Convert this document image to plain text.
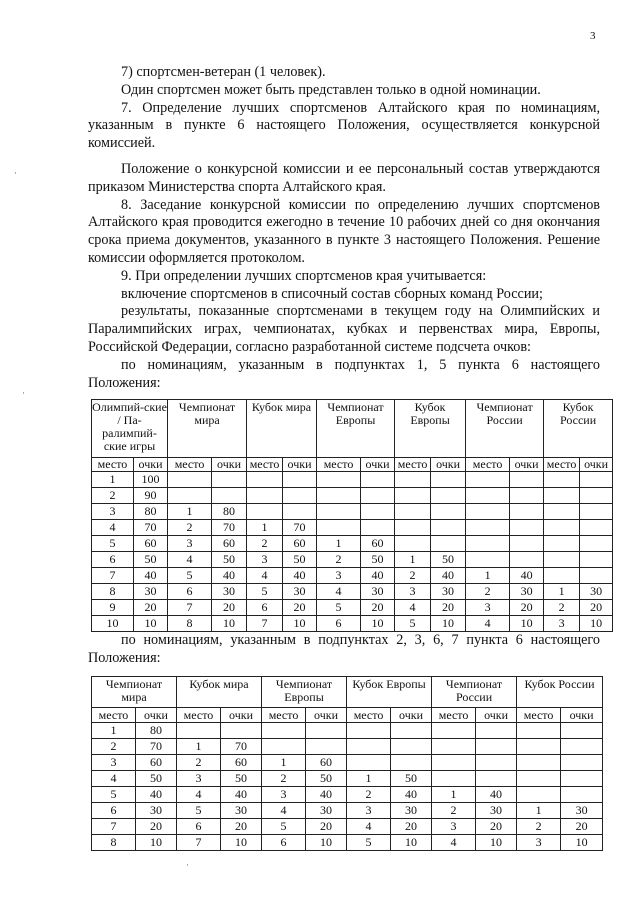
3
·
·
·

7) спортсмен-ветеран (1 человек).

Один спортсмен может быть представлен только в одной номинации.

7. Определение лучших спортсменов Алтайского края по номинациям, указанным в пункте 6 настоящего Положения, осуществляется конкурсной комиссией.

Положение о конкурсной комиссии и ее персональный состав утверждаются приказом Министерства спорта Алтайского края.

8. Заседание конкурсной комиссии по определению лучших спортсменов Алтайского края проводится ежегодно в течение 10 рабочих дней со дня окончания срока приема документов, указанного в пункте 3 настоящего Положения. Решение комиссии оформляется протоколом.

9. При определении лучших спортсменов края учитывается:

включение спортсменов в списочный состав сборных команд России;

результаты, показанные спортсменами в текущем году на Олимпийских и Паралимпийских играх, чемпионатах, кубках и первенствах мира, Европы, Российской Федерации, согласно разработанной системе подсчета очков:

по номинациям, указанным в подпунктах 1, 5 пункта 6 настоящего Положения:

Олимпий-ские / Па-ралимпий-ские игры		Чемпионат мира		Кубок мира		Чемпионат Европы		Кубок Европы		Чемпионат России		Кубок России	
место	очки	место	очки	место	очки	место	очки	место	очки	место	очки	место	очки
1	100												
2	90												
3	80	1	80										
4	70	2	70	1	70								
5	60	3	60	2	60	1	60						
6	50	4	50	3	50	2	50	1	50				
7	40	5	40	4	40	3	40	2	40	1	40		
8	30	6	30	5	30	4	30	3	30	2	30	1	30
9	20	7	20	6	20	5	20	4	20	3	20	2	20
10	10	8	10	7	10	6	10	5	10	4	10	3	10

по номинациям, указанным в подпунктах 2, 3, 6, 7 пункта 6 настоящего Положения:

Чемпионат мира		Кубок мира		Чемпионат Европы		Кубок Европы		Чемпионат России		Кубок России	
место	очки	место	очки	место	очки	место	очки	место	очки	место	очки
1	80										
2	70	1	70								
3	60	2	60	1	60						
4	50	3	50	2	50	1	50				
5	40	4	40	3	40	2	40	1	40		
6	30	5	30	4	30	3	30	2	30	1	30
7	20	6	20	5	20	4	20	3	20	2	20
8	10	7	10	6	10	5	10	4	10	3	10
